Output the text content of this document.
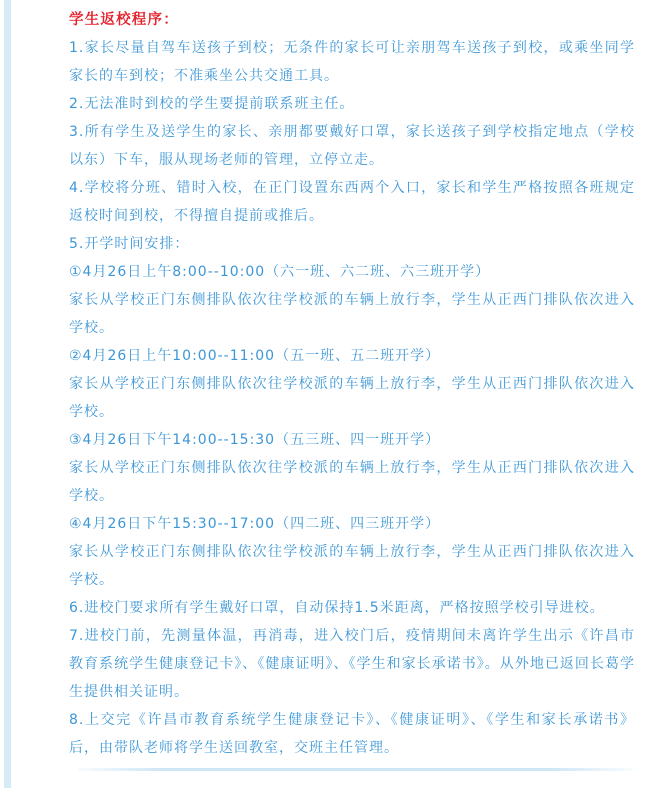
学生返校程序：
1.家长尽量自驾车送孩子到校；无条件的家长可让亲朋驾车送孩子到校，或乘坐同学家长的车到校；不准乘坐公共交通工具。
2.无法准时到校的学生要提前联系班主任。
3.所有学生及送学生的家长、亲朋都要戴好口罩，家长送孩子到学校指定地点（学校以东）下车，服从现场老师的管理，立停立走。
4.学校将分班、错时入校，在正门设置东西两个入口，家长和学生严格按照各班规定返校时间到校，不得擅自提前或推后。
5.开学时间安排：
①4月26日上午8:00--10:00（六一班、六二班、六三班开学）
家长从学校正门东侧排队依次往学校派的车辆上放行李，学生从正西门排队依次进入学校。
②4月26日上午10:00--11:00（五一班、五二班开学）
家长从学校正门东侧排队依次往学校派的车辆上放行李，学生从正西门排队依次进入学校。
③4月26日下午14:00--15:30（五三班、四一班开学）
家长从学校正门东侧排队依次往学校派的车辆上放行李，学生从正西门排队依次进入学校。
④4月26日下午15:30--17:00（四二班、四三班开学）
家长从学校正门东侧排队依次往学校派的车辆上放行李，学生从正西门排队依次进入学校。
6.进校门要求所有学生戴好口罩，自动保持1.5米距离，严格按照学校引导进校。
7.进校门前，先测量体温，再消毒，进入校门后，疫情期间未离许学生出示《许昌市教育系统学生健康登记卡》、《健康证明》、《学生和家长承诺书》。从外地已返回长葛学生提供相关证明。
8.上交完《许昌市教育系统学生健康登记卡》、《健康证明》、《学生和家长承诺书》后，由带队老师将学生送回教室，交班主任管理。
